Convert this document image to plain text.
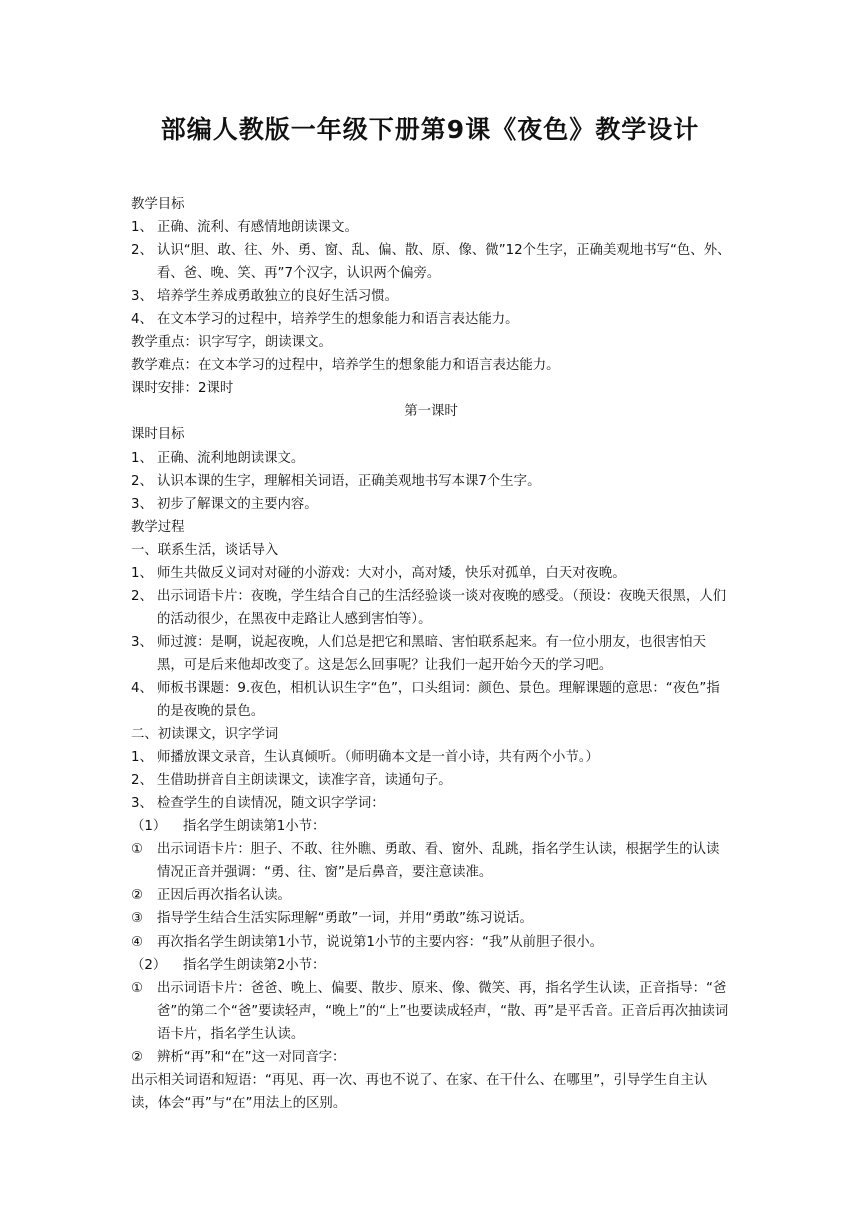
部编人教版一年级下册第9课《夜色》教学设计
教学目标
1、 正确、流利、有感情地朗读课文。
2、 认识“胆、敢、往、外、勇、窗、乱、偏、散、原、像、微”12个生字，正确美观地书写“色、外、看、爸、晚、笑、再”7个汉字，认识两个偏旁。
3、 培养学生养成勇敢独立的良好生活习惯。
4、 在文本学习的过程中，培养学生的想象能力和语言表达能力。
教学重点：识字写字，朗读课文。
教学难点：在文本学习的过程中，培养学生的想象能力和语言表达能力。
课时安排：2课时
第一课时
课时目标
1、 正确、流利地朗读课文。
2、 认识本课的生字，理解相关词语，正确美观地书写本课7个生字。
3、 初步了解课文的主要内容。
教学过程
一、联系生活，谈话导入
1、 师生共做反义词对对碰的小游戏：大对小，高对矮，快乐对孤单，白天对夜晚。
2、 出示词语卡片：夜晚，学生结合自己的生活经验谈一谈对夜晚的感受。（预设：夜晚天很黑，人们的活动很少，在黑夜中走路让人感到害怕等）。
3、 师过渡：是啊，说起夜晚，人们总是把它和黑暗、害怕联系起来。有一位小朋友，也很害怕天黑，可是后来他却改变了。这是怎么回事呢？让我们一起开始今天的学习吧。
4、 师板书课题：9.夜色，相机认识生字“色”，口头组词：颜色、景色。理解课题的意思：“夜色”指的是夜晚的景色。
二、初读课文，识字学词
1、 师播放课文录音，生认真倾听。（师明确本文是一首小诗，共有两个小节。）
2、 生借助拼音自主朗读课文，读准字音，读通句子。
3、 检查学生的自读情况，随文识字学词：
（1）	指名学生朗读第1小节：
①	出示词语卡片：胆子、不敢、往外瞧、勇敢、看、窗外、乱跳，指名学生认读，根据学生的认读情况正音并强调：“勇、往、窗”是后鼻音，要注意读准。
②	正因后再次指名认读。
③	指导学生结合生活实际理解“勇敢”一词，并用“勇敢”练习说话。
④	再次指名学生朗读第1小节，说说第1小节的主要内容：“我”从前胆子很小。
（2）	指名学生朗读第2小节：
①	出示词语卡片：爸爸、晚上、偏要、散步、原来、像、微笑、再，指名学生认读，正音指导：“爸爸”的第二个“爸”要读轻声，“晚上”的“上”也要读成轻声，“散、再”是平舌音。正音后再次抽读词语卡片，指名学生认读。
②	辨析“再”和“在”这一对同音字：
出示相关词语和短语：“再见、再一次、再也不说了、在家、在干什么、在哪里”，引导学生自主认读，体会“再”与“在”用法上的区别。
